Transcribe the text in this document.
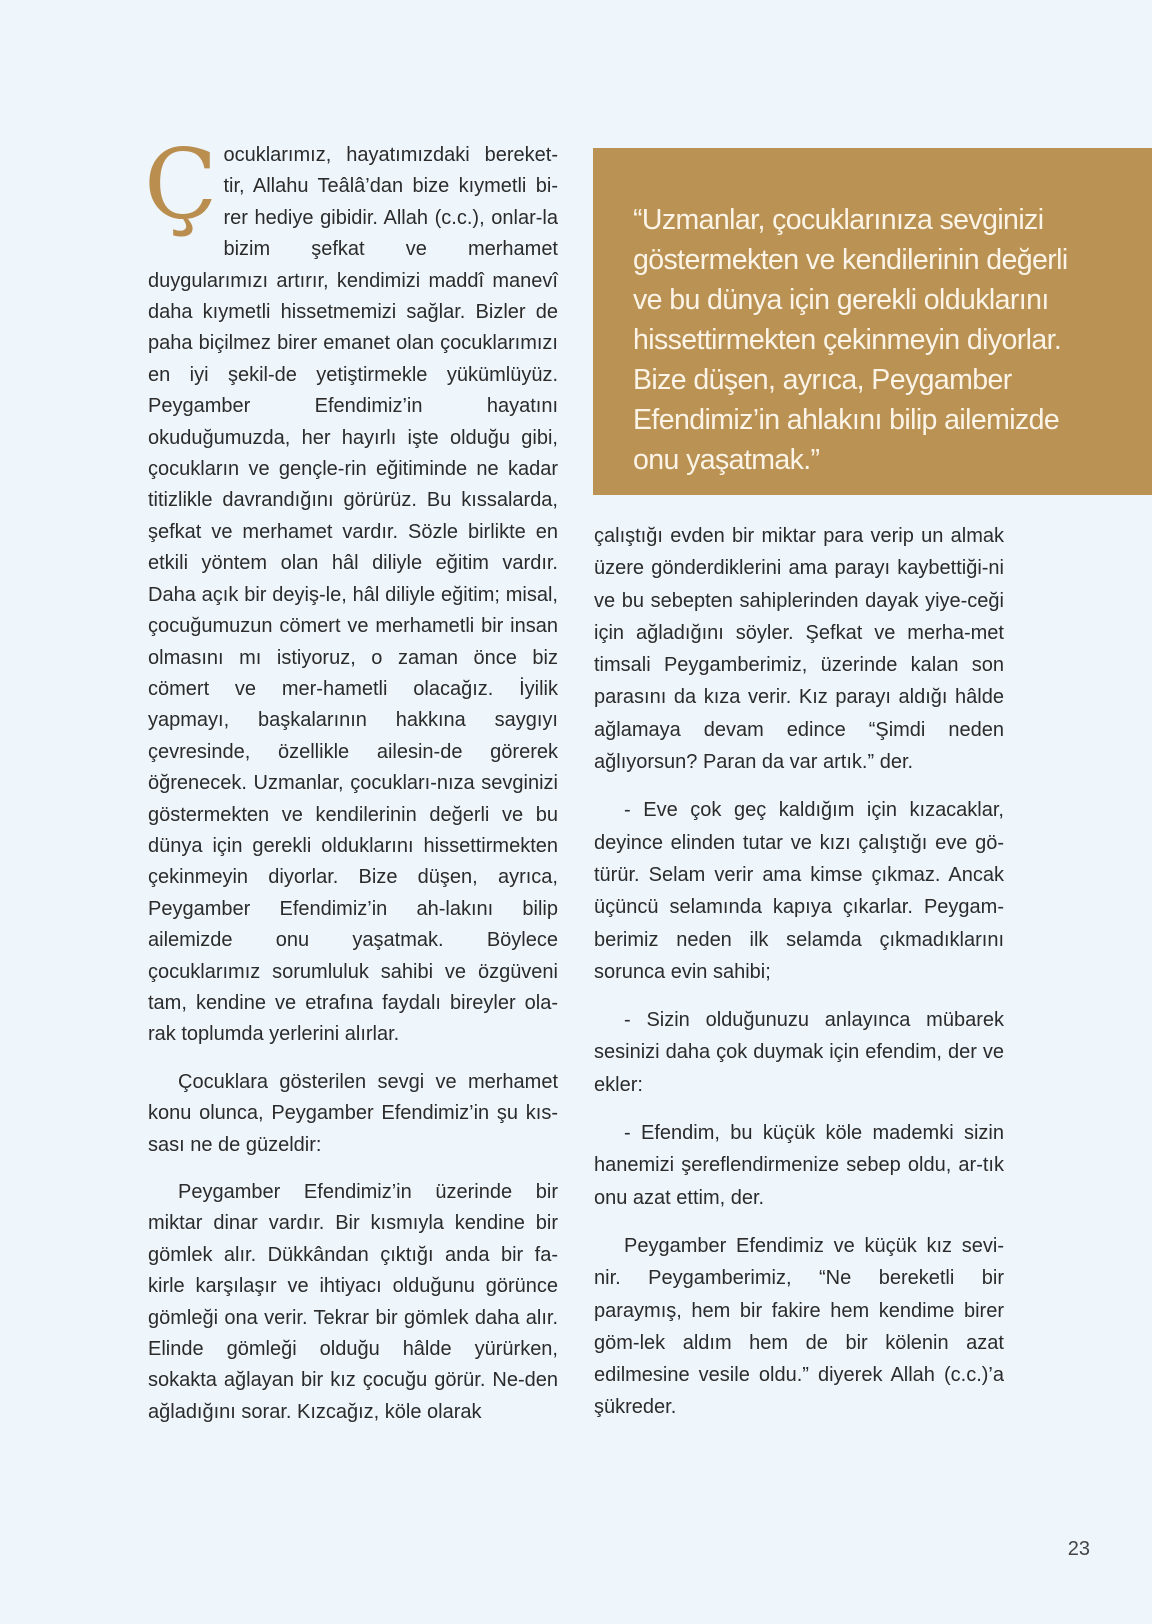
Ç ocuklarımız, hayatımızdaki bereket-tir, Allahu Teâlâ’dan bize kıymetli bi-rer hediye gibidir. Allah (c.c.), onlar-la bizim şefkat ve merhamet duygularımızı artırır, kendimizi maddî manevî daha kıymetli hissetmemizi sağlar. Bizler de paha biçilmez birer emanet olan çocuklarımızı en iyi şekil-de yetiştirmekle yükümlüyüz. Peygamber Efendimiz’in hayatını okuduğumuzda, her hayırlı işte olduğu gibi, çocukların ve gençle-rin eğitiminde ne kadar titizlikle davrandığını görürüz. Bu kıssalarda, şefkat ve merhamet vardır. Sözle birlikte en etkili yöntem olan hâl diliyle eğitim vardır. Daha açık bir deyiş-le, hâl diliyle eğitim; misal, çocuğumuzun cömert ve merhametli bir insan olmasını mı istiyoruz, o zaman önce biz cömert ve mer-hametli olacağız. İyilik yapmayı, başkalarının hakkına saygıyı çevresinde, özellikle ailesin-de görerek öğrenecek. Uzmanlar, çocukları-nıza sevginizi göstermekten ve kendilerinin değerli ve bu dünya için gerekli olduklarını hissettirmekten çekinmeyin diyorlar. Bize düşen, ayrıca, Peygamber Efendimiz’in ah-lakını bilip ailemizde onu yaşatmak. Böylece çocuklarımız sorumluluk sahibi ve özgüveni tam, kendine ve etrafına faydalı bireyler ola-rak toplumda yerlerini alırlar.

Çocuklara gösterilen sevgi ve merhamet konu olunca, Peygamber Efendimiz’in şu kıs-sası ne de güzeldir:

Peygamber Efendimiz’in üzerinde bir miktar dinar vardır. Bir kısmıyla kendine bir gömlek alır. Dükkândan çıktığı anda bir fa-kirle karşılaşır ve ihtiyacı olduğunu görünce gömleği ona verir. Tekrar bir gömlek daha alır. Elinde gömleği olduğu hâlde yürürken, sokakta ağlayan bir kız çocuğu görür. Ne-den ağladığını sorar. Kızcağız, köle olarak

“Uzmanlar, çocuklarınıza sevginizi göstermekten ve kendilerinin değerli ve bu dünya için gerekli olduklarını hissettirmekten çekinmeyin diyorlar. Bize düşen, ayrıca, Peygamber Efendimiz’in ahlakını bilip ailemizde onu yaşatmak.”

çalıştığı evden bir miktar para verip un almak üzere gönderdiklerini ama parayı kaybettiği-ni ve bu sebepten sahiplerinden dayak yiye-ceği için ağladığını söyler. Şefkat ve merha-met timsali Peygamberimiz, üzerinde kalan son parasını da kıza verir. Kız parayı aldığı hâlde ağlamaya devam edince “Şimdi neden ağlıyorsun? Paran da var artık.” der.

- Eve çok geç kaldığım için kızacaklar, deyince elinden tutar ve kızı çalıştığı eve gö-türür. Selam verir ama kimse çıkmaz. Ancak üçüncü selamında kapıya çıkarlar. Peygam-berimiz neden ilk selamda çıkmadıklarını sorunca evin sahibi;

- Sizin olduğunuzu anlayınca mübarek sesinizi daha çok duymak için efendim, der ve ekler:

- Efendim, bu küçük köle mademki sizin hanemizi şereflendirmenize sebep oldu, ar-tık onu azat ettim, der.

Peygamber Efendimiz ve küçük kız sevi-nir. Peygamberimiz, “Ne bereketli bir paraymış, hem bir fakire hem kendime birer göm-lek aldım hem de bir kölenin azat edilmesine vesile oldu.” diyerek Allah (c.c.)’a şükreder.

23
